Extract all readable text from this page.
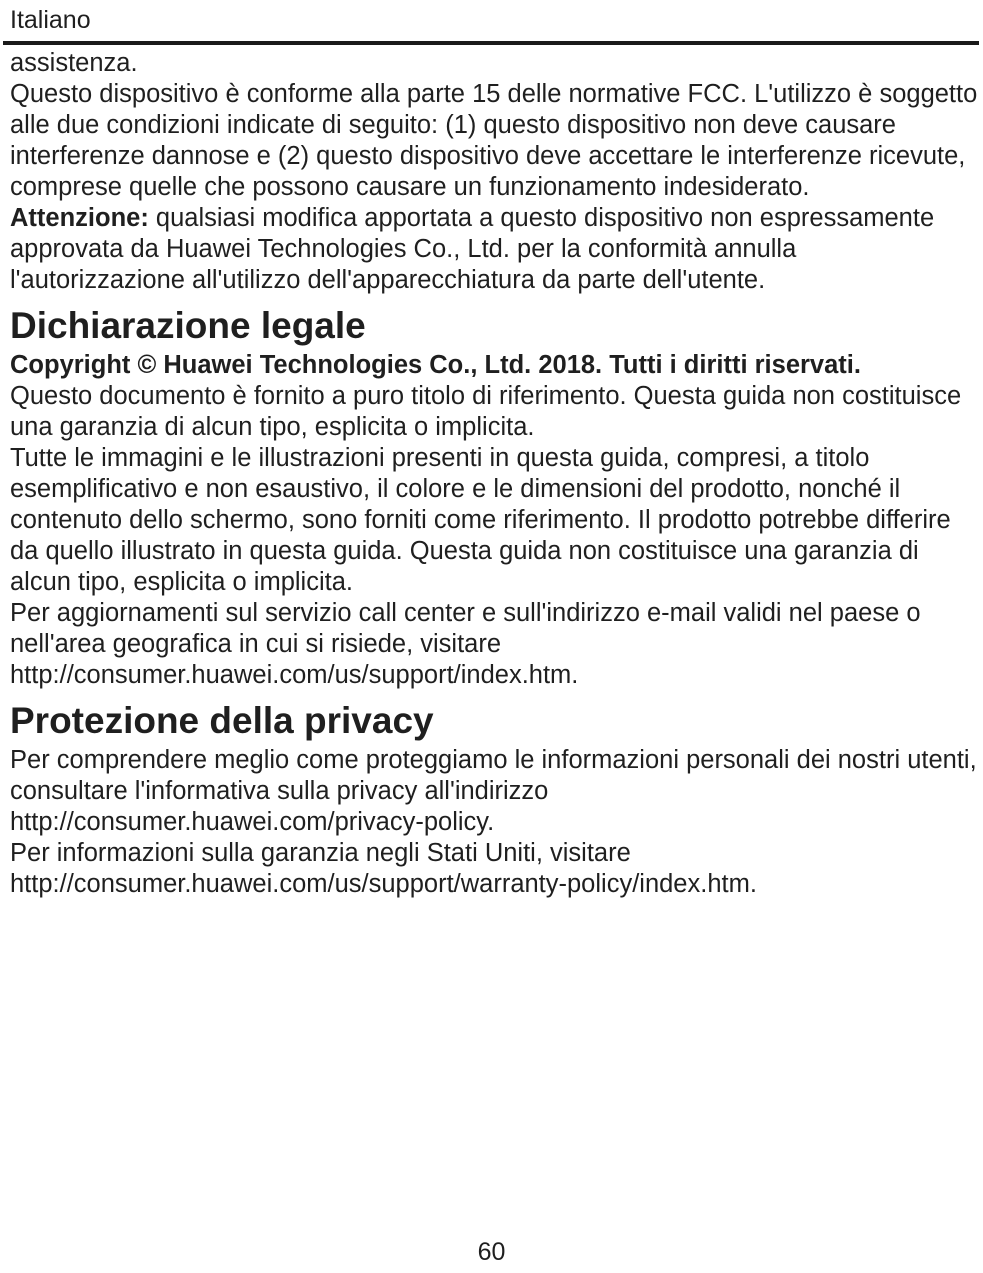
Italiano

assistenza.

Questo dispositivo è conforme alla parte 15 delle normative FCC. L'utilizzo è soggetto alle due condizioni indicate di seguito: (1) questo dispositivo non deve causare interferenze dannose e (2) questo dispositivo deve accettare le interferenze ricevute, comprese quelle che possono causare un funzionamento indesiderato.

Attenzione: qualsiasi modifica apportata a questo dispositivo non espressamente approvata da Huawei Technologies Co., Ltd. per la conformità annulla l'autorizzazione all'utilizzo dell'apparecchiatura da parte dell'utente.

Dichiarazione legale

Copyright © Huawei Technologies Co., Ltd. 2018. Tutti i diritti riservati.

Questo documento è fornito a puro titolo di riferimento. Questa guida non costituisce una garanzia di alcun tipo, esplicita o implicita.

Tutte le immagini e le illustrazioni presenti in questa guida, compresi, a titolo esemplificativo e non esaustivo, il colore e le dimensioni del prodotto, nonché il contenuto dello schermo, sono forniti come riferimento. Il prodotto potrebbe differire da quello illustrato in questa guida. Questa guida non costituisce una garanzia di alcun tipo, esplicita o implicita.

Per aggiornamenti sul servizio call center e sull'indirizzo e-mail validi nel paese o nell'area geografica in cui si risiede, visitare

http://consumer.huawei.com/us/support/index.htm.

Protezione della privacy

Per comprendere meglio come proteggiamo le informazioni personali dei nostri utenti, consultare l'informativa sulla privacy all'indirizzo

http://consumer.huawei.com/privacy-policy.

Per informazioni sulla garanzia negli Stati Uniti, visitare

http://consumer.huawei.com/us/support/warranty-policy/index.htm.

60
